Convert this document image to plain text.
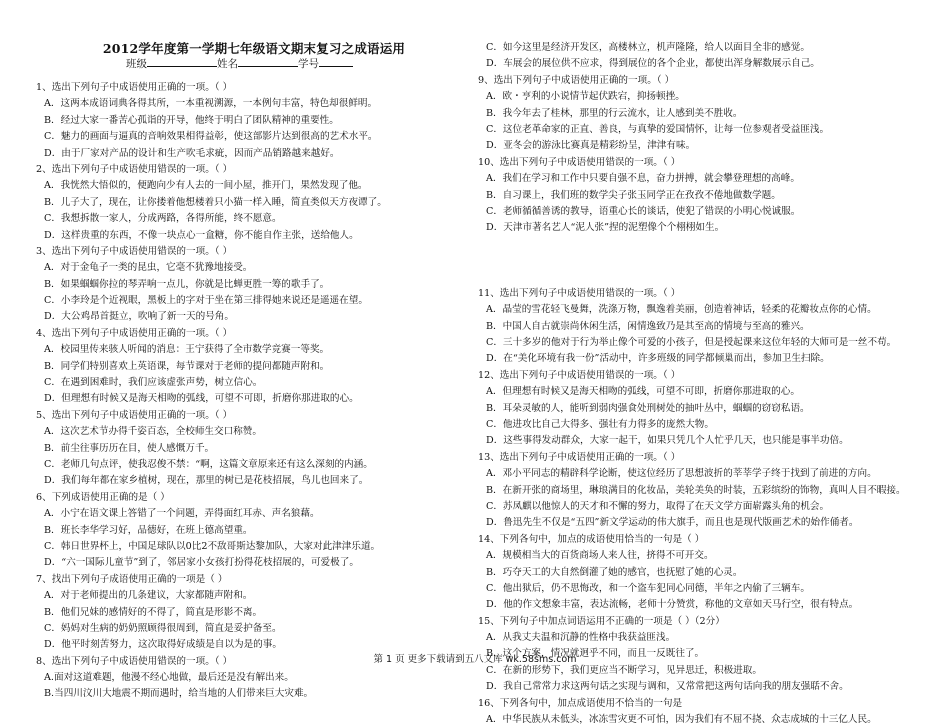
2012学年度第一学期七年级语文期末复习之成语运用
班级	姓名	学号
1、选出下列句子中成语使用正确的一项。（ ）
A．这两本成语词典各得其所，一本重视溯源，一本例句丰富，特色却很鲜明。
B．经过大家一番苦心孤诣的开导，他终于明白了团队精神的重要性。
C．魅力的画面与逼真的音响效果相得益彰，使这部影片达到很高的艺术水平。
D．由于厂家对产品的设计和生产吹毛求疵，因而产品销路越来越好。
2、选出下列句子中成语使用错误的一项。（ ）
A．我恍然大悟似的，便跑向少有人去的一间小屋，推开门，果然发现了他。
B．儿子大了，现在，让你搂着他想楼着只小猫一样入睡，简直类似天方夜谭了。
C．我想拆散一家人，分成两路，各得所能，终不愿意。
D．这样贵重的东西，不像一块点心一盒糖，你不能自作主张，送给他人。
3、选出下列句子中成语使用错误的一项。（ ）
A．对于金龟子一类的昆虫，它毫不犹豫地接受。
B．如果蝈蝈你拉的琴弄响一点儿，你就是比蝉更胜一筹的歌手了。
C．小李玲是个近视眼，黑板上的字对于坐在第三排得她来说还是遥遥在望。
D．大公鸡昂首挺立，吹响了新一天的号角。
4、选出下列句子中成语使用正确的一项。（ ）
A．校园里传来骇人听闻的消息：王宁获得了全市数学竞赛一等奖。
B．同学们特别喜欢上英语课，每节课对于老师的提问都随声附和。
C．在遇到困难时，我们应该虚张声势，树立信心。
D．但理想有时候又是海天相吻的弧线，可望不可即，折磨你那进取的心。
5、选出下列句子中成语使用正确的一项。（ ）
A．这次艺术节办得千姿百态，全校师生交口称赞。
B．前尘往事历历在目，使人感慨万千。
C．老师几句点评，使我忍俊不禁：“啊，这篇文章原来还有这么深刻的内涵。
D．我们每年都在家乡植树，现在，那里的树已是花枝招展，鸟儿也回来了。
6、下列成语使用正确的是（ ）
A．小宁在语文课上答错了一个问题，弄得面红耳赤、声名狼藉。
B．班长李华学习好，品德好，在班上德高望重。
C．韩日世界杯上，中国足球队以0比2不敌哥斯达黎加队，大家对此津津乐道。
D．“六一国际儿童节”到了，邻居家小女孩打扮得花枝招展的，可爱极了。
7、找出下列句子成语使用正确的一项是（ ）
A．对于老师提出的几条建议，大家都随声附和。
B．他们兄妹的感情好的不得了，简直是形影不离。
C．妈妈对生病的奶奶照顾得很周到，简直是妥护备至。
D．他平时刻苦努力，这次取得好成绩是自以为是的事。
8、选出下列句子中成语使用错误的一项。（ ）
A.面对这道难题，他漫不经心地做，最后还是没有解出来。
B.当四川汶川大地震不期而遇时，给当地的人们带来巨大灾难。
C．如今这里是经济开发区，高楼林立，机声隆隆，给人以面目全非的感觉。
D．车展会的展位供不应求，得到展位的各个企业，都使出浑身解数展示自己。
9、选出下列句子中成语使用正确的一项。（ ）
A．欧・亨利的小说情节起伏跌宕，抑扬顿挫。
B．我今年去了桂林，那里的行云流水，让人感到美不胜收。
C．这位老革命家的正直、善良，与真挚的爱国情怀，让每一位参观者受益匪浅。
D．亚冬会的游泳比赛真是精彩纷呈，津津有味。
10、选出下列句子中成语使用错误的一项。（ ）
A．我们在学习和工作中只要自强不息，奋力拼搏，就会攀登理想的高峰。
B．自习课上，我们班的数学尖子张玉同学正在孜孜不倦地做数学题。
C．老师循循善诱的教导，语重心长的谈话，使犯了错误的小明心悦诚服。
D．天津市著名艺人“泥人张”捏的泥塑像个个栩栩如生。
11、选出下列句子中成语使用错误的一项。（ ）
A．晶莹的雪花轻飞曼舞，洗涤万物，飘逸着美丽，创造着神话，轻柔的花瓣妆点你的心情。
B．中国人自古就崇尚休闲生活，闲情逸致乃是其至高的情境与至高的雅兴。
C．三十多岁的他对于行为举止像个可爱的小孩子，但是授起课来这位年轻的大师可是一丝不苟。
D．在“美化环境有我一份”活动中，许多班级的同学都倾巢而出，参加卫生扫除。
12、选出下列句子中成语使用错误的一项。（ ）
A．但理想有时候又是海天相吻的弧线，可望不可即，折磨你那进取的心。
B．耳朵灵敏的人，能听到弱肉强食处刑树处的抽叶丛中，蝈蝈的窃窃私语。
C．他进攻比自己大得多、强壮有力得多的庞然大物。
D．这些事得发动群众，大家一起干，如果只凭几个人忙乎几天，也只能是事半功倍。
13、选出下列句子中成语使用正确的一项。（ ）
A．邓小平同志的精辟科学论断，使这位经历了思想波折的莘莘学子终于找到了前进的方向。
B．在新开张的商场里，琳琅满目的化妆品，美轮美奂的时装，五彩缤纷的饰物，真叫人目不暇接。
C．苏凤麒以他惊人的天才和不懈的努力，取得了在天文学方面崭露头角的机会。
D．鲁迅先生不仅是“五四”新文学运动的伟大旗手，而且也是现代版画艺术的始作俑者。
14、下列各句中，加点的成语使用恰当的一句是（ ）
A．规模相当大的百货商场人来人往，挤得不可开交。
B．巧夺天工的大自然倒灌了她的感官，也抚慰了她的心灵。
C．他出狱后，仍不思悔改，和一个盗车犯同心同德，半年之内偷了三辆车。
D．他的作文想象丰富，表达流畅，老师十分赞赏，称他的文章如天马行空，很有特点。
15、下列句子中加点词语运用不正确的一项是（ ）（2分）
A．从我丈夫温和沉静的性格中我获益匪浅。
B．这个方案，情况就迥乎不同，而且一反既往了。
C．在新的形势下，我们更应当不断学习，见异思迁，积极进取。
D．我自己常常力求这两句话之实现与调和，又常常把这两句话向我的朋友强聒不舍。
16、下列各句中，加点成语使用不恰当的一句是
A．中华民族从未低头，冰冻雪灾更不可怕，因为我们有不屈不挠、众志成城的十三亿人民。
第 1 页 更多下载请到五八文库 wk.58sms.com
